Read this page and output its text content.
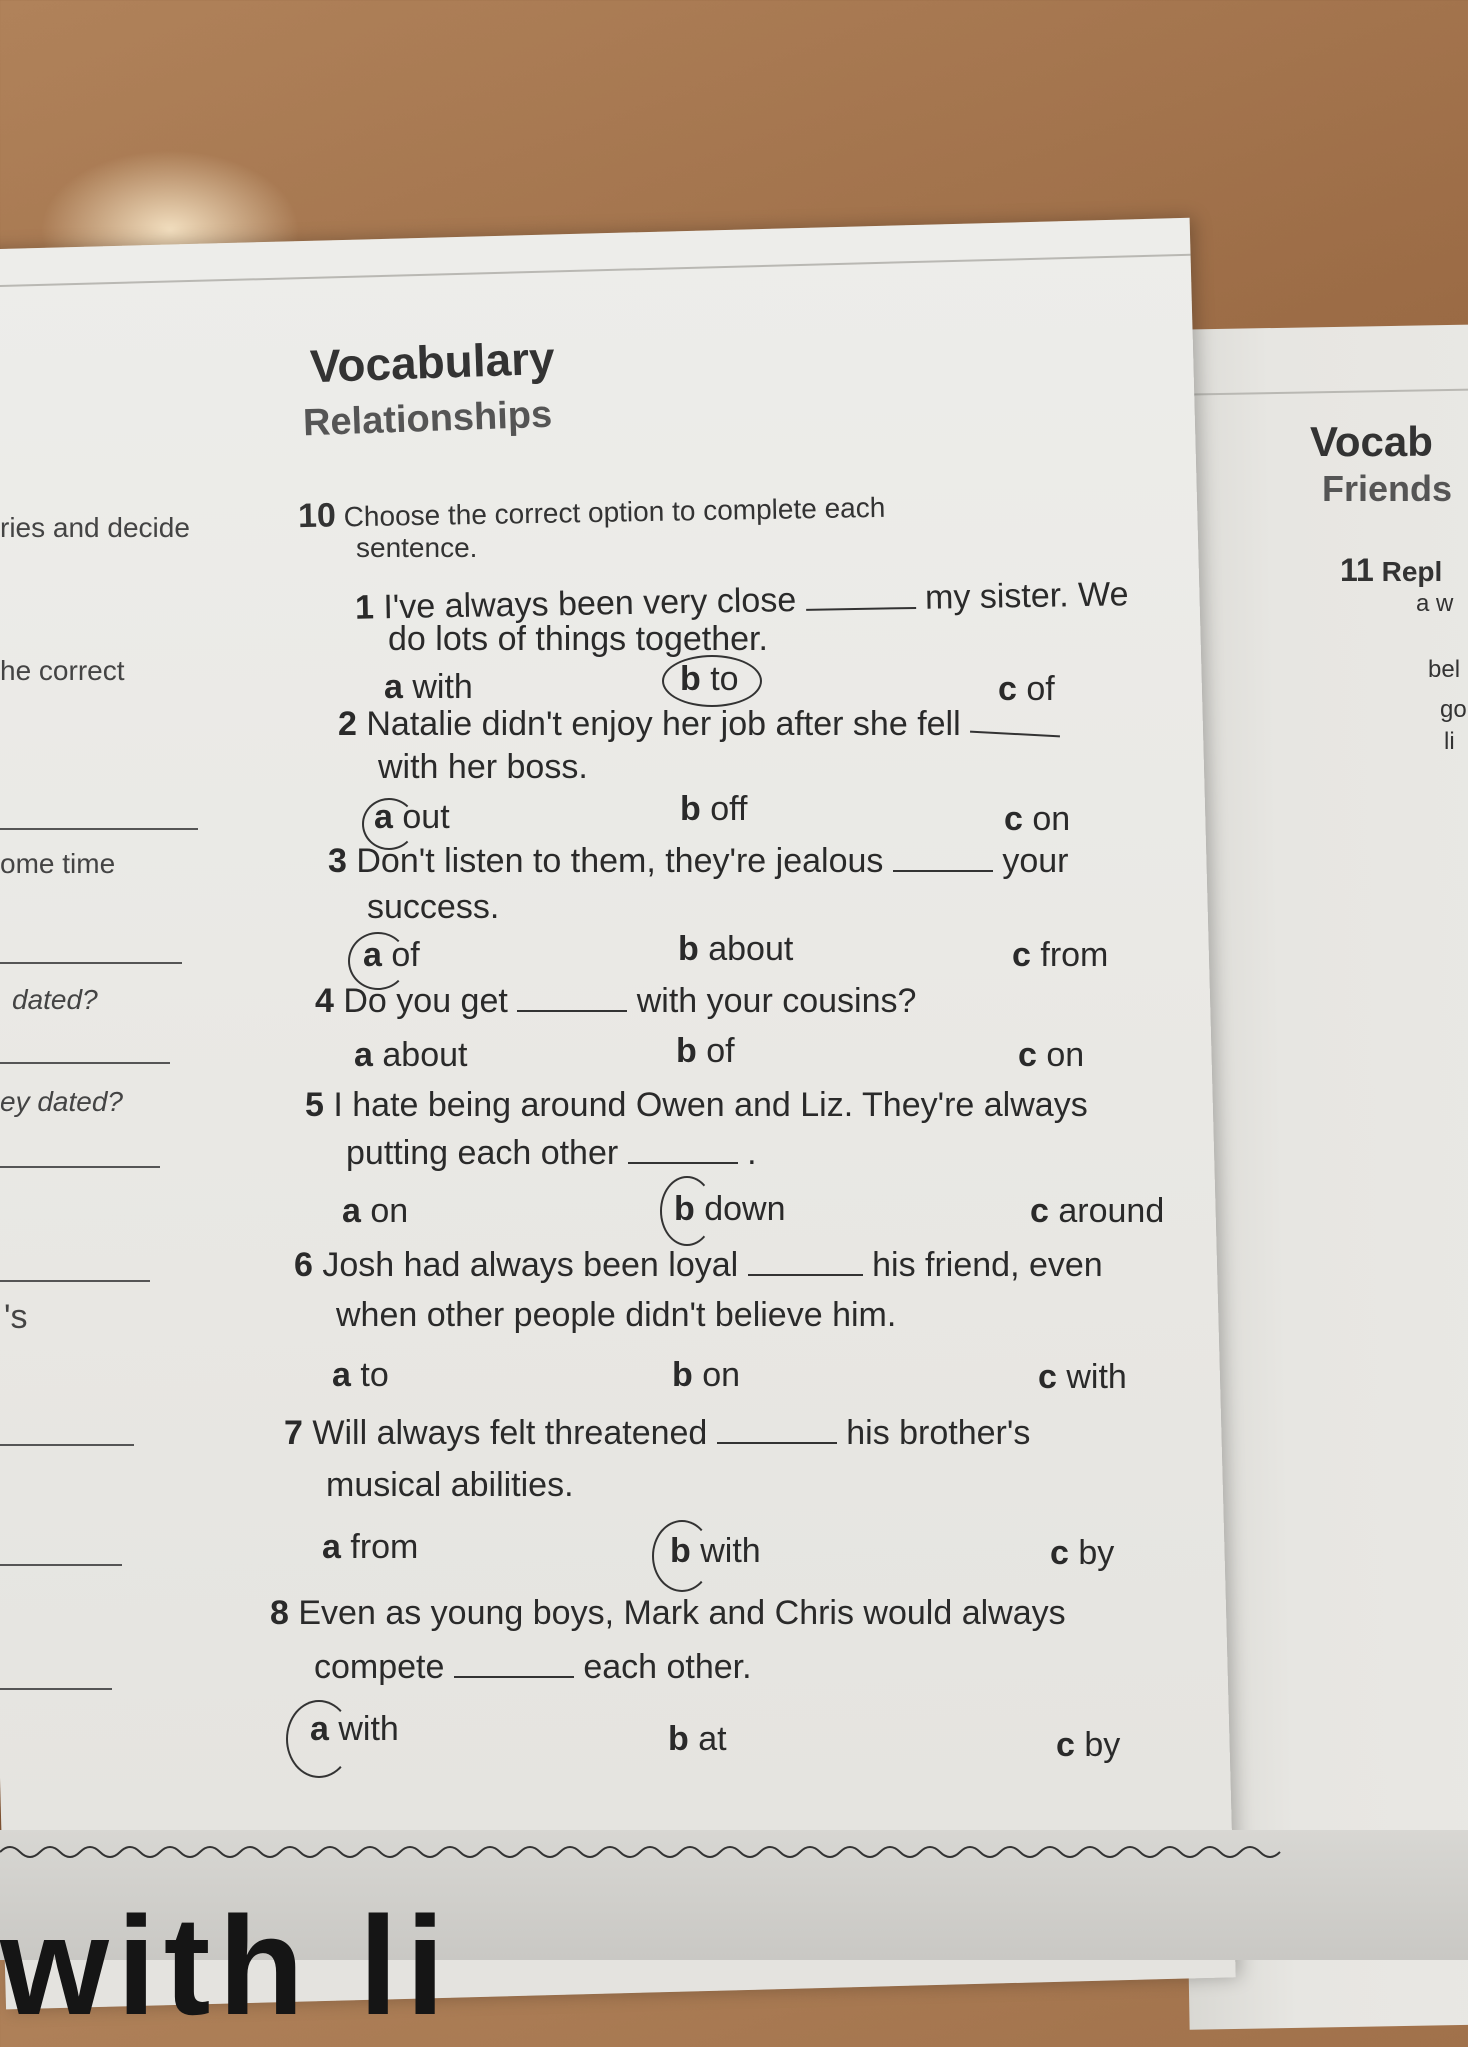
Vocabulary
Relationships
10 Choose the correct option to complete each
sentence.
1 I've always been very close	my sister. We
do lots of things together.
a with	b to	c of
2 Natalie didn't enjoy her job after she fell
with her boss.
a out	b off	c on
3 Don't listen to them, they're jealous	your
success.
a of	b about	c from
4 Do you get	with your cousins?
a about	b of	c on
5 I hate being around Owen and Liz. They're always
putting each other	.
a on	b down	c around
6 Josh had always been loyal	his friend, even
when other people didn't believe him.
a to	b on	c with
7 Will always felt threatened	his brother's
musical abilities.
a from	b with	c by
8 Even as young boys, Mark and Chris would always
compete	each other.
a with	b at	c by
ries and decide
he correct
ome time
dated?
ey dated?
's
Vocab
Friends
11 Repl
a w
bel
go
li
with li
